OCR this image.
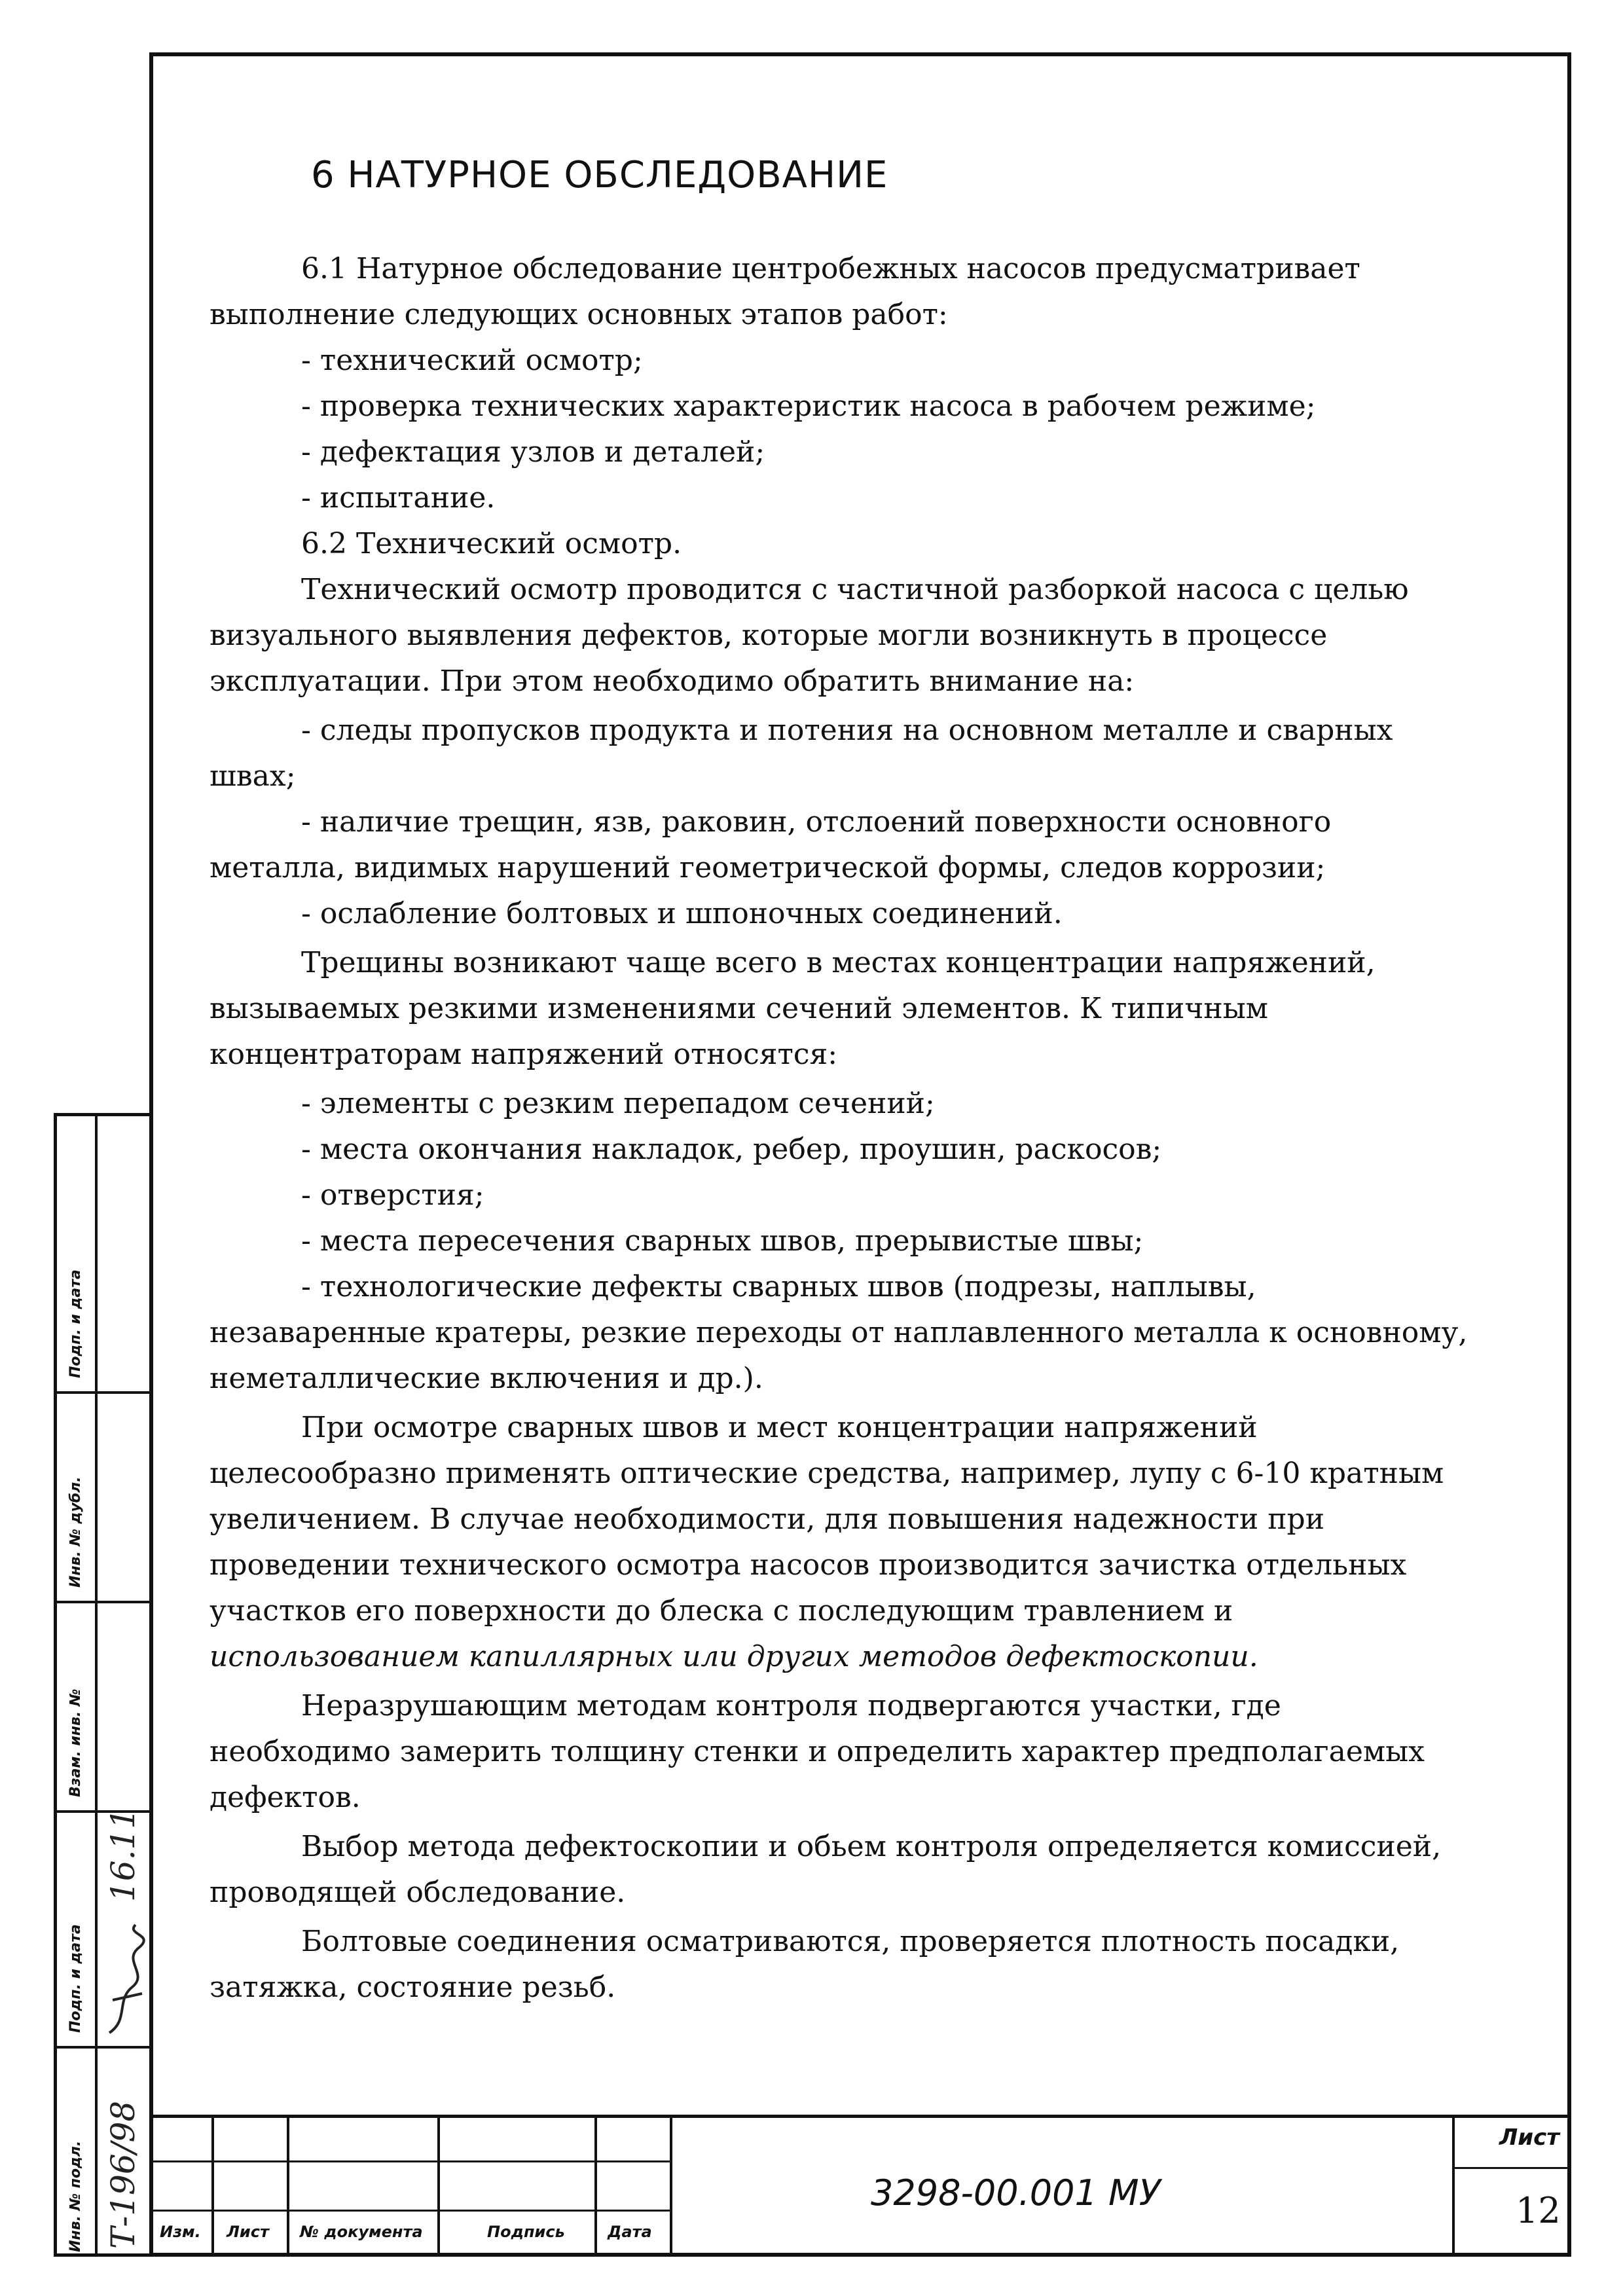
6 НАТУРНОЕ ОБСЛЕДОВАНИЕ
6.1 Натурное обследование центробежных насосов предусматривает
выполнение следующих основных этапов работ:
- технический осмотр;
- проверка технических характеристик насоса в рабочем режиме;
- дефектация узлов и деталей;
- испытание.
6.2 Технический осмотр.
Технический осмотр проводится с частичной разборкой насоса с целью
визуального выявления дефектов, которые могли возникнуть в процессе
эксплуатации. При этом необходимо обратить внимание на:
- следы пропусков продукта и потения на основном металле и сварных
швах;
- наличие трещин, язв, раковин, отслоений поверхности основного
металла, видимых нарушений геометрической формы, следов коррозии;
- ослабление болтовых и шпоночных соединений.
Трещины возникают чаще всего в местах концентрации напряжений,
вызываемых резкими изменениями сечений элементов. К типичным
концентраторам напряжений относятся:
- элементы с резким перепадом сечений;
- места окончания накладок, ребер, проушин, раскосов;
- отверстия;
- места пересечения сварных швов, прерывистые швы;
- технологические дефекты сварных швов (подрезы, наплывы,
незаваренные кратеры, резкие переходы от наплавленного металла к основному,
неметаллические включения и др.).
При осмотре сварных швов и мест концентрации напряжений
целесообразно применять оптические средства, например, лупу с 6-10 кратным
увеличением. В случае необходимости, для повышения надежности при
проведении технического осмотра насосов производится зачистка отдельных
участков его поверхности до блеска с последующим травлением и
использованием капиллярных или других методов дефектоскопии.
Неразрушающим методам контроля подвергаются участки, где
необходимо замерить толщину стенки и определить характер предполагаемых
дефектов.
Выбор метода дефектоскопии и обьем контроля определяется комиссией,
проводящей обследование.
Болтовые соединения осматриваются, проверяется плотность посадки,
затяжка, состояние резьб.
Подп. и дата
Инв. № дубл.
Взам. инв. №
Подп. и дата
Инв. № подл.
16.11
Т-196/98 Изм. Лист № документа	Подпись	Дата
3298-00.001 МУ
Лист
12
